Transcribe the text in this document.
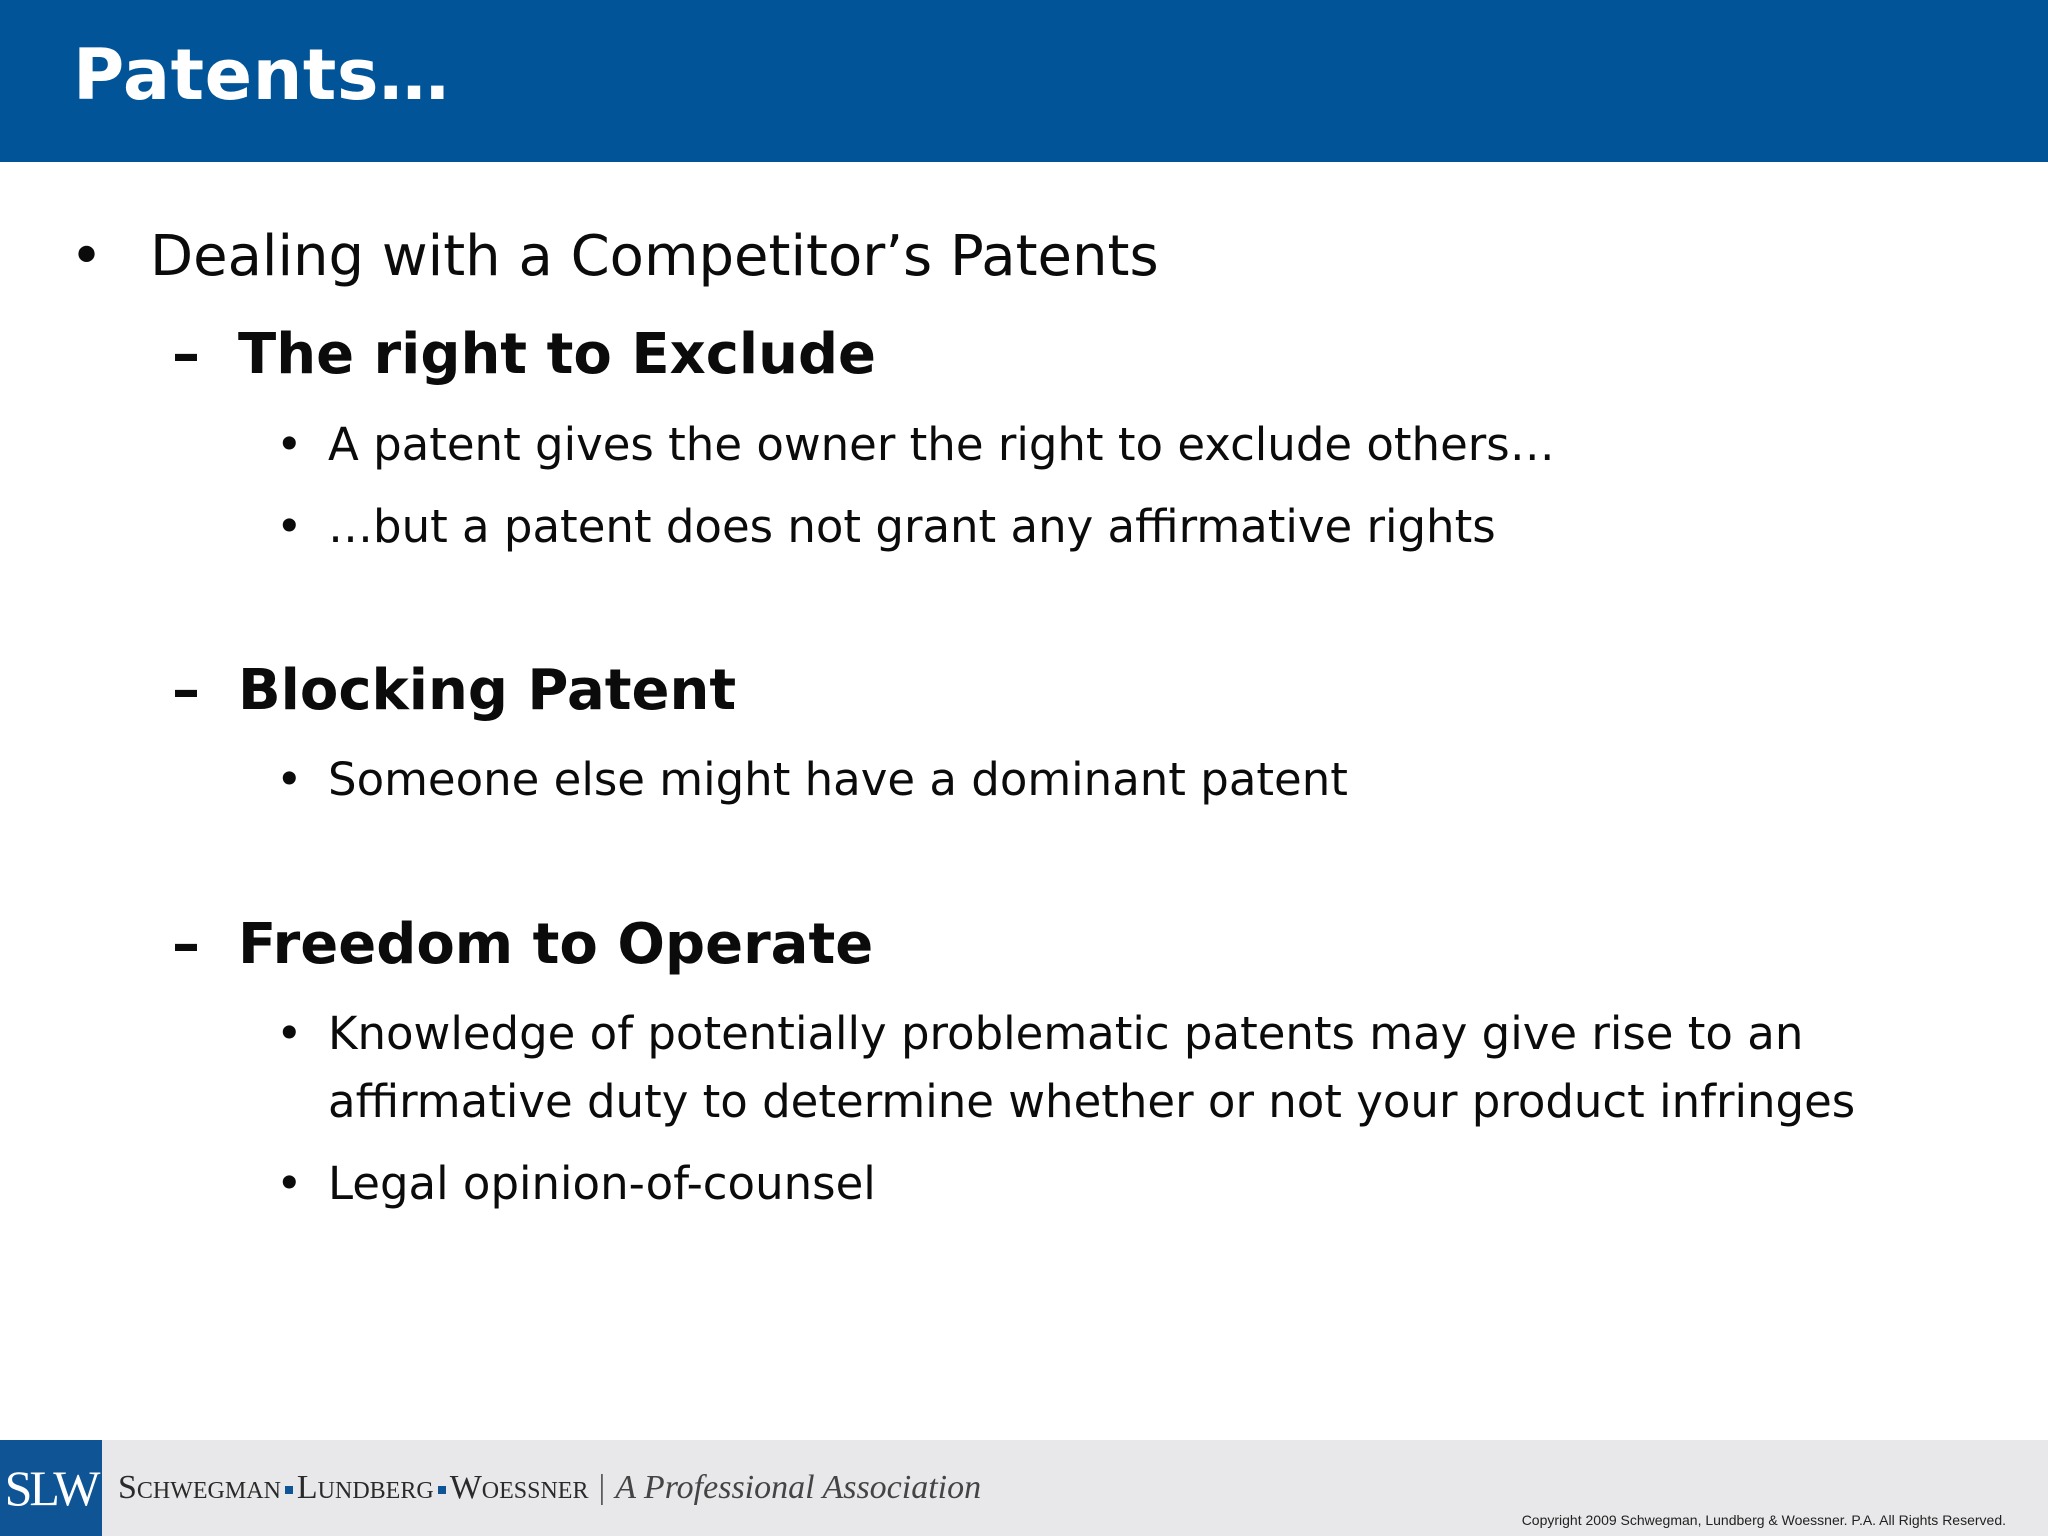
Patents…
• Dealing with a Competitor’s Patents
– The right to Exclude
• A patent gives the owner the right to exclude others…
• …but a patent does not grant any affirmative rights
– Blocking Patent
• Someone else might have a dominant patent
– Freedom to Operate
• Knowledge of potentially problematic patents may give rise to an
affirmative duty to determine whether or not your product infringes
• Legal opinion-of-counsel
SLW Schwegman Lundberg Woessner | A Professional Association
Copyright 2009 Schwegman, Lundberg & Woessner. P.A. All Rights Reserved.
